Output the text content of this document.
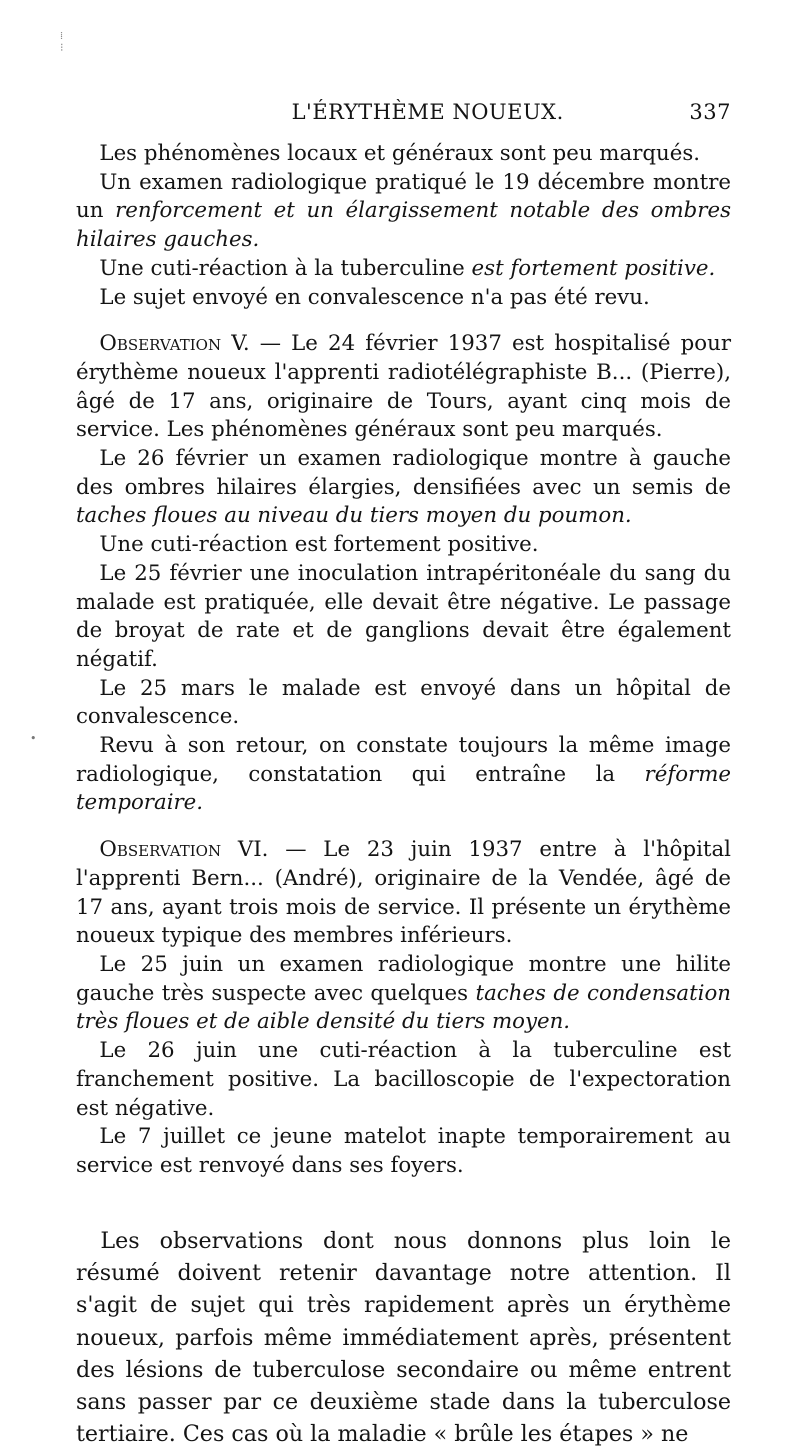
⁞
⁝
•
L'ÉRYTHÈME NOUEUX.	337

Les phénomènes locaux et généraux sont peu marqués.

Un examen radiologique pratiqué le 19 décembre montre un renforcement et un élargissement notable des ombres hilaires gauches.

Une cuti-réaction à la tuberculine est fortement positive.

Le sujet envoyé en convalescence n'a pas été revu.

Observation V. — Le 24 février 1937 est hospitalisé pour érythème noueux l'apprenti radiotélégraphiste B... (Pierre), âgé de 17 ans, originaire de Tours, ayant cinq mois de service. Les phénomènes généraux sont peu marqués.

Le 26 février un examen radiologique montre à gauche des ombres hilaires élargies, densifiées avec un semis de taches floues au niveau du tiers moyen du poumon.

Une cuti-réaction est fortement positive.

Le 25 février une inoculation intrapéritonéale du sang du malade est pratiquée, elle devait être négative. Le passage de broyat de rate et de ganglions devait être également négatif.

Le 25 mars le malade est envoyé dans un hôpital de convalescence.

Revu à son retour, on constate toujours la même image radiologique, constatation qui entraîne la réforme temporaire.

Observation VI. — Le 23 juin 1937 entre à l'hôpital l'apprenti Bern... (André), originaire de la Vendée, âgé de 17 ans, ayant trois mois de service. Il présente un érythème noueux typique des membres inférieurs.

Le 25 juin un examen radiologique montre une hilite gauche très suspecte avec quelques taches de condensation très floues et de aible densité du tiers moyen.

Le 26 juin une cuti-réaction à la tuberculine est franchement positive. La bacilloscopie de l'expectoration est négative.

Le 7 juillet ce jeune matelot inapte temporairement au service est renvoyé dans ses foyers.

Les observations dont nous donnons plus loin le résumé doivent retenir davantage notre attention. Il s'agit de sujet qui très rapidement après un érythème noueux, parfois même immédiatement après, présentent des lésions de tuberculose secondaire ou même entrent sans passer par ce deuxième stade dans la tuberculose tertiaire. Ces cas où la maladie « brûle les étapes » ne
